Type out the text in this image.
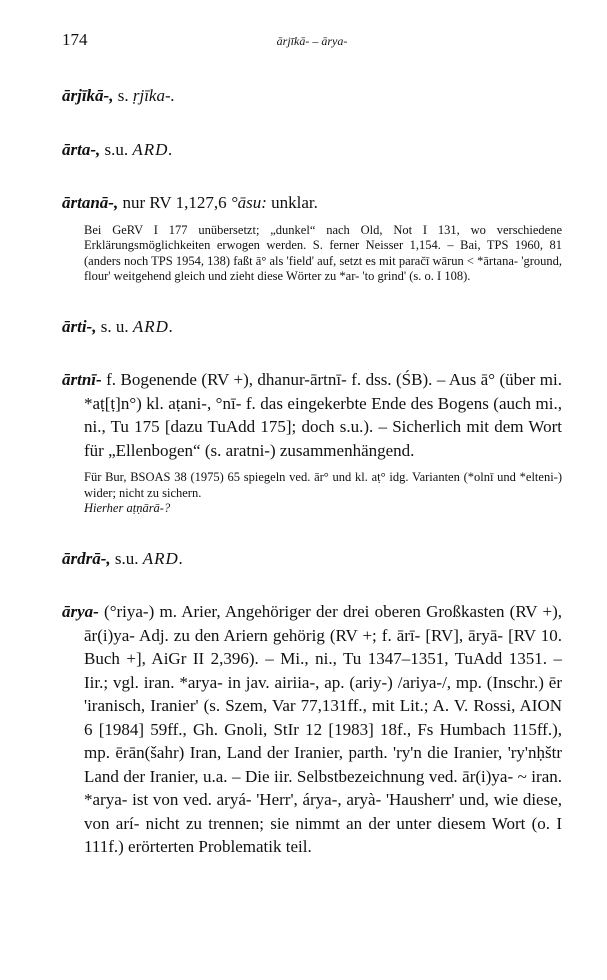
174	ārjīkā- – ārya-
ārjīkā-, s. ṛjīka-.
ārta-, s.u. ARD.
ārtanā-, nur RV 1,127,6 °āsu: unklar.
Bei GeRV I 177 unübersetzt; „dunkel“ nach Old, Not I 131, wo verschiedene Erklärungsmöglichkeiten erwogen werden. S. ferner Neisser 1,154. – Bai, TPS 1960, 81 (anders noch TPS 1954, 138) faßt ā° als 'field' auf, setzt es mit paračī wārun < *ārtana- 'ground, flour' weitgehend gleich und zieht diese Wörter zu *ar- 'to grind' (s. o. I 108).
ārti-, s. u. ARD.
ārtnī- f. Bogenende (RV +), dhanur-ārtnī- f. dss. (ŚB). – Aus ā° (über mi. *aṭ[ṭ]n°) kl. aṭani-, °nī- f. das eingekerbte Ende des Bogens (auch mi., ni., Tu 175 [dazu TuAdd 175]; doch s.u.). – Sicherlich mit dem Wort für „Ellenbogen“ (s. aratni-) zusammenhängend.
Für Bur, BSOAS 38 (1975) 65 spiegeln ved. ār° und kl. aṭ° idg. Varianten (*olnī und *elteni-) wider; nicht zu sichern.
Hierher aṭṇārā-?
ārdrā-, s.u. ARD.
ārya- (°riya-) m. Arier, Angehöriger der drei oberen Großkasten (RV +), ār(i)ya- Adj. zu den Ariern gehörig (RV +; f. ārī- [RV], āryā- [RV 10. Buch +], AiGr II 2,396). – Mi., ni., Tu 1347–1351, TuAdd 1351. – Iir.; vgl. iran. *arya- in jav. airiia-, ap. (ariy-) /ariya-/, mp. (Inschr.) ēr 'iranisch, Iranier' (s. Szem, Var 77,131ff., mit Lit.; A. V. Rossi, AION 6 [1984] 59ff., Gh. Gnoli, StIr 12 [1983] 18f., Fs Humbach 115ff.), mp. ērān(šahr) Iran, Land der Iranier, parth. 'ry'n die Iranier, 'ry'nḥštr Land der Iranier, u.a. – Die iir. Selbstbezeichnung ved. ār(i)ya- ~ iran. *arya- ist von ved. aryá- 'Herr', árya-, aryà- 'Hausherr' und, wie diese, von arí- nicht zu trennen; sie nimmt an der unter diesem Wort (o. I 111f.) erörterten Problematik teil.
